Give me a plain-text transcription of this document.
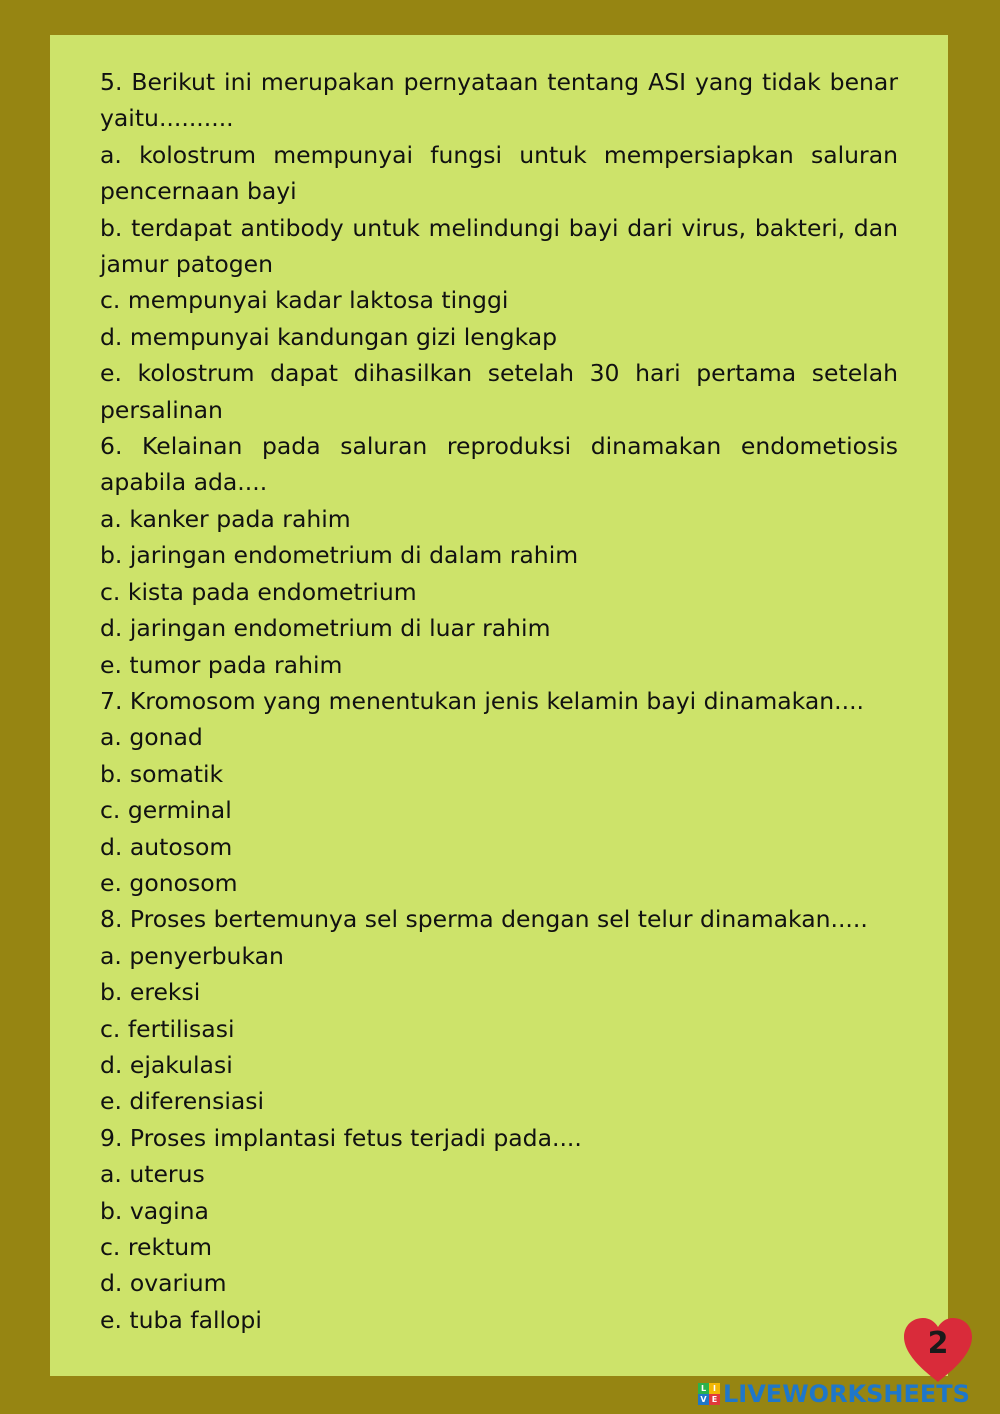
5. Berikut ini merupakan pernyataan tentang ASI yang tidak benar yaitu..........

a. kolostrum mempunyai fungsi untuk mempersiapkan saluran pencernaan bayi

b. terdapat antibody untuk melindungi bayi dari virus, bakteri, dan jamur patogen

c. mempunyai kadar laktosa tinggi

d. mempunyai kandungan gizi lengkap

e. kolostrum dapat dihasilkan setelah 30 hari pertama setelah persalinan

6. Kelainan pada saluran reproduksi dinamakan endometiosis apabila ada....

a. kanker pada rahim

b. jaringan endometrium di dalam rahim

c. kista pada endometrium

d. jaringan endometrium di luar rahim

e. tumor pada rahim

7. Kromosom yang menentukan jenis kelamin bayi dinamakan....

a. gonad

b. somatik

c. germinal

d. autosom

e. gonosom

8. Proses bertemunya sel sperma dengan sel telur dinamakan.....

a. penyerbukan

b. ereksi

c. fertilisasi

d. ejakulasi

e. diferensiasi

9. Proses implantasi fetus terjadi pada....

a. uterus

b. vagina

c. rektum

d. ovarium

e. tuba fallopi

2
L I
V E LIVEWORKSHEETS
